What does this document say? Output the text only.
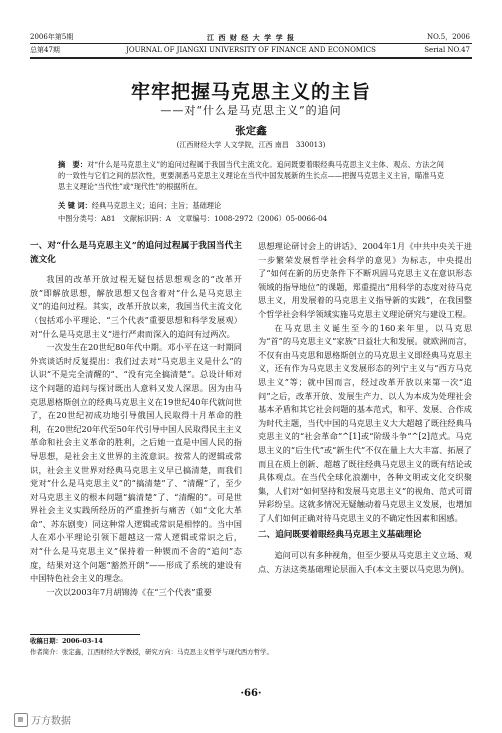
2006年第5期
总第47期
江 西 财 经 大 学 学 报
JOURNAL OF JIANGXI UNIVERSITY OF FINANCE AND ECONOMICS
NO.5，2006
Serial NO.47
牢牢把握马克思主义的主旨
——对“什么是马克思主义”的追问
张定鑫
(江西财经大学 人文学院，江西 南昌　330013)
摘　要：对“什么是马克思主义”的追问过程属于我国当代主流文化。追问既要着眼经典马克思主义主体、观点、方法之间的一致性与它们之间的层次性，更要洞悉马克思主义理论在当代中国发展新的生长点——把握马克思主义主旨，瞄准马克思主义理论“当代性”或“现代性”的根据所在。
关 键 词：经典马克思主义；追问；主旨；基础理论
中图分类号：A81　文献标识码：A　文章编号：1008-2972（2006）05-0066-04
一、对“什么是马克思主义”的追问过程属于我国当代主流文化

我国的改革开放过程无疑包括思想观念的“改革开放”即解放思想，解放思想又包含着对“什么是马克思主义”的追问过程。其实，改革开放以来，我国当代主流文化（包括邓小平理论、“三个代表”重要思想和科学发展观）对“什么是马克思主义”进行严肃而深入的追问有过两次。

一次发生在20世纪80年代中期。邓小平在这一时期同外宾谈话时反复提出：我们过去对“马克思主义是什么”的认识“不是完全清醒的”、“没有完全搞清楚”。总设计师对这个问题的追问与探讨既出人意料又发人深思。因为由马克思恩格斯创立的经典马克思主义在19世纪40年代就问世了，在20世纪初成功地引导俄国人民取得十月革命的胜利，在20世纪20年代至50年代引导中国人民取得民主主义革命和社会主义革命的胜利，之后她一直是中国人民的指导思想，是社会主义世界的主流意识。按常人的逻辑或常识，社会主义世界对经典马克思主义早已搞清楚，而我们党对“什么是马克思主义”的“搞清楚”了、“清醒”了，至少对马克思主义的根本问题“搞清楚”了、“清醒的”。可是世界社会主义实践所经历的严重挫折与痛苦（如“文化大革命”、苏东剧变）同这种常人逻辑或常识是相悖的。当中国人在邓小平理论引领下超越这一常人逻辑或常识之后，对“什么是马克思主义”保持着一种锲而不舍的“追问”态度，结果对这个问题“豁然开朗”——形成了系统的建设有中国特色社会主义的理念。

一次以2003年7月胡锦涛《在“三个代表”重要

思想理论研讨会上的讲话》、2004年1月《中共中央关于进一步繁荣发展哲学社会科学的意见》为标志，中央提出了“如何在新的历史条件下不断巩固马克思主义在意识形态领域的指导地位”的课题，郑重提出“用科学的态度对待马克思主义，用发展着的马克思主义指导新的实践”，在我国整个哲学社会科学领域实施马克思主义理论研究与建设工程。

在马克思主义诞生至今的160来年里，以马克思为“首”的马克思主义“家族”日益壮大和发展。就欧洲而言，不仅有由马克思和恩格斯创立的马克思主义即经典马克思主义，还有作为马克思主义发展形态的列宁主义与“西方马克思主义”等；就中国而言，经过改革开放以来第一次“追问”之后，改革开放、发展生产力、以人为本成为处理社会基本矛盾和其它社会问题的基本范式，和平、发展、合作成为时代主题，当代中国的马克思主义大大超越了既往经典马克思主义的“社会革命”^[1]或“阶级斗争”^[2]范式。马克思主义的“后生代”或“新生代”不仅在量上大大丰富、拓展了而且在质上创新、超越了既往经典马克思主义的既有结论或具体观点。在当代全球化浪潮中，各种文明或文化交织聚集，人们对“如何坚持和发展马克思主义”的视角、范式可谓异彩纷呈。这就多情况无疑触动着马克思主义发展，也增加了人们如何正确对待马克思主义的不确定性因素和困感。

二、追问既要着眼经典马克思主义基础理论

追问可以有多种视角，但至少要从马克思主义立场、观点、方法这类基础理论层面入手(本文主要以马克思为例)。

收稿日期：2006-03-14
作者简介：张定鑫，江西财经大学教授，研究方向：马克思主义哲学与现代西方哲学。
·66·
万方数据
